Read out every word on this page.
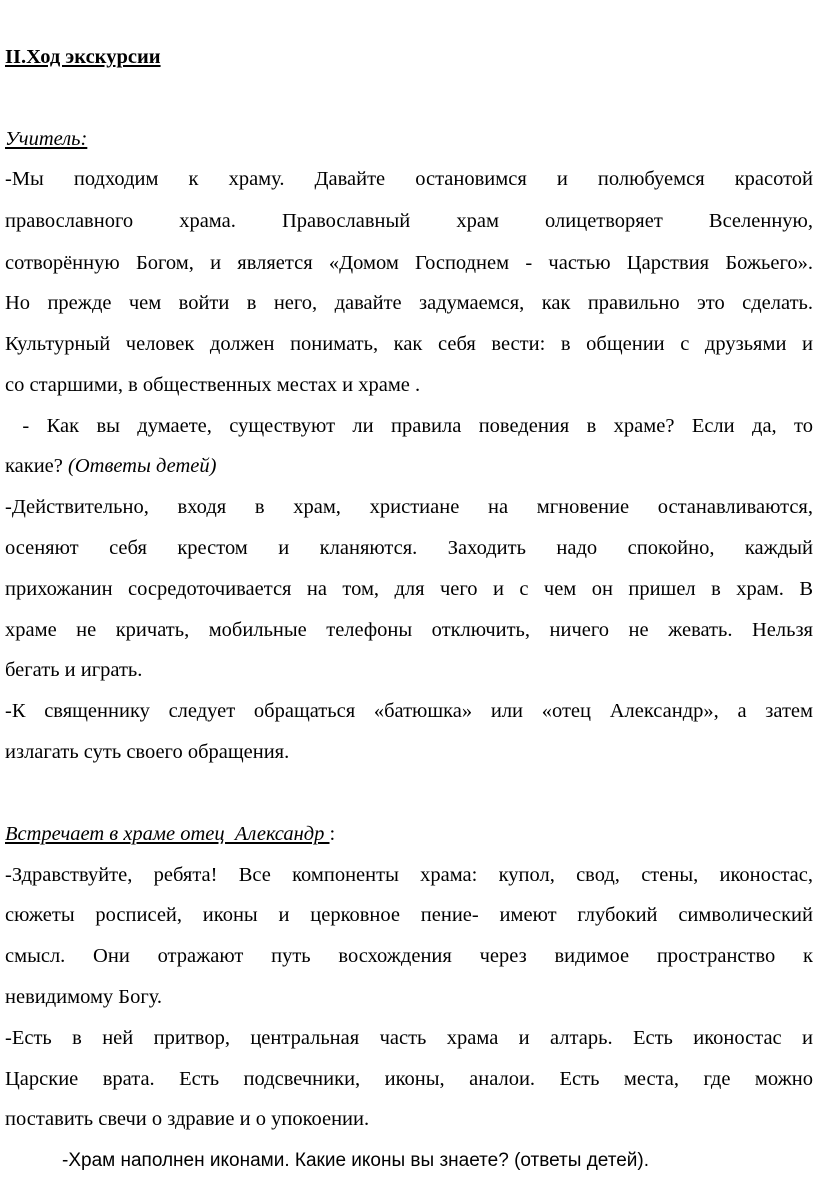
II.Ход экскурсии
Учитель:
-Мы подходим к храму. Давайте остановимся и полюбуемся красотой
православного храма. Православный храм олицетворяет Вселенную,
сотворённую Богом, и является «Домом Господнем - частью Царствия Божьего».
Но прежде чем войти в него, давайте задумаемся, как правильно это сделать.
Культурный человек должен понимать, как себя вести: в общении с друзьями и
со старшими, в общественных местах и храме .
- Как вы думаете, существуют ли правила поведения в храме? Если да, то
какие? (Ответы детей)
-Действительно, входя в храм, христиане на мгновение останавливаются,
осеняют себя крестом и кланяются. Заходить надо спокойно, каждый
прихожанин сосредоточивается на том, для чего и с чем он пришел в храм. В
храме не кричать, мобильные телефоны отключить, ничего не жевать. Нельзя
бегать и играть.
-К священнику следует обращаться «батюшка» или «отец Александр», а затем
излагать суть своего обращения.
Встречает в храме отец  Александр :
-Здравствуйте, ребята! Все компоненты храма: купол, свод, стены, иконостас,
сюжеты росписей, иконы и церковное пение- имеют глубокий символический
смысл. Они отражают путь восхождения через видимое пространство к
невидимому Богу.
-Есть в ней притвор, центральная часть храма и алтарь. Есть иконостас и
Царские врата. Есть подсвечники, иконы, аналои. Есть места, где можно
поставить свечи о здравие и о упокоении.
-Храм наполнен иконами. Какие иконы вы знаете? (ответы детей).
